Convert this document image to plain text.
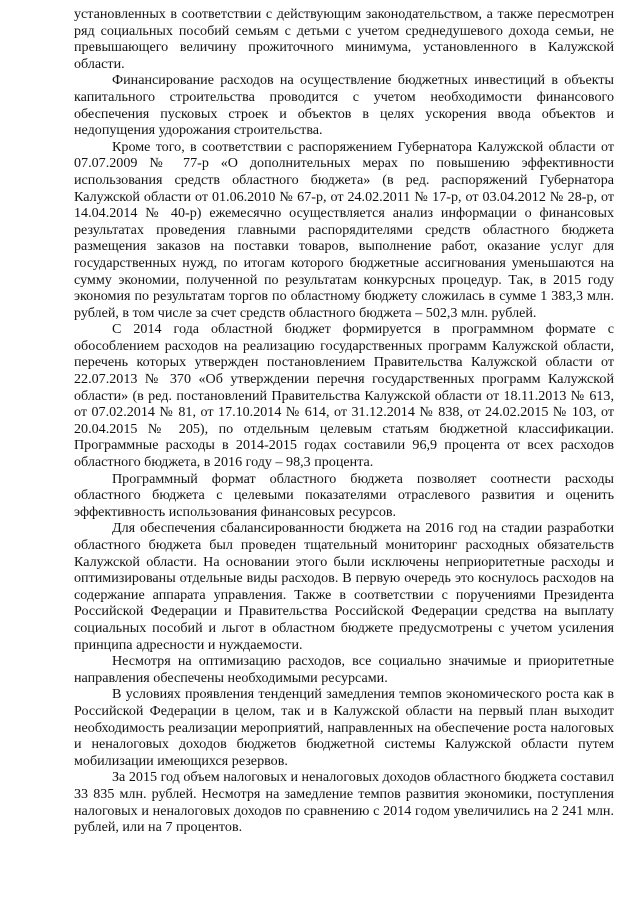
установленных в соответствии с действующим законодательством, а также пересмотрен ряд социальных пособий семьям с детьми с учетом среднедушевого дохода семьи, не превышающего величину прожиточного минимума, установленного в Калужской области.

Финансирование расходов на осуществление бюджетных инвестиций в объекты капитального строительства проводится с учетом необходимости финансового обеспечения пусковых строек и объектов в целях ускорения ввода объектов и недопущения удорожания строительства.

Кроме того, в соответствии с распоряжением Губернатора Калужской области от 07.07.2009 № 77-р «О дополнительных мерах по повышению эффективности использования средств областного бюджета» (в ред. распоряжений Губернатора Калужской области от 01.06.2010 № 67-р, от 24.02.2011 № 17-р, от 03.04.2012 № 28-р, от 14.04.2014 № 40-р) ежемесячно осуществляется анализ информации о финансовых результатах проведения главными распорядителями средств областного бюджета размещения заказов на поставки товаров, выполнение работ, оказание услуг для государственных нужд, по итогам которого бюджетные ассигнования уменьшаются на сумму экономии, полученной по результатам конкурсных процедур. Так, в 2015 году экономия по результатам торгов по областному бюджету сложилась в сумме 1 383,3 млн. рублей, в том числе за счет средств областного бюджета – 502,3 млн. рублей.

С 2014 года областной бюджет формируется в программном формате с обособлением расходов на реализацию государственных программ Калужской области, перечень которых утвержден постановлением Правительства Калужской области от 22.07.2013 № 370 «Об утверждении перечня государственных программ Калужской области» (в ред. постановлений Правительства Калужской области от 18.11.2013 № 613, от 07.02.2014 № 81, от 17.10.2014 № 614, от 31.12.2014 № 838, от 24.02.2015 № 103, от 20.04.2015 № 205), по отдельным целевым статьям бюджетной классификации. Программные расходы в 2014-2015 годах составили 96,9 процента от всех расходов областного бюджета, в 2016 году – 98,3 процента.

Программный формат областного бюджета позволяет соотнести расходы областного бюджета с целевыми показателями отраслевого развития и оценить эффективность использования финансовых ресурсов.

Для обеспечения сбалансированности бюджета на 2016 год на стадии разработки областного бюджета был проведен тщательный мониторинг расходных обязательств Калужской области. На основании этого были исключены неприоритетные расходы и оптимизированы отдельные виды расходов. В первую очередь это коснулось расходов на содержание аппарата управления. Также в соответствии с поручениями Президента Российской Федерации и Правительства Российской Федерации средства на выплату социальных пособий и льгот в областном бюджете предусмотрены с учетом усиления принципа адресности и нуждаемости.

Несмотря на оптимизацию расходов, все социально значимые и приоритетные направления обеспечены необходимыми ресурсами.

В условиях проявления тенденций замедления темпов экономического роста как в Российской Федерации в целом, так и в Калужской области на первый план выходит необходимость реализации мероприятий, направленных на обеспечение роста налоговых и неналоговых доходов бюджетов бюджетной системы Калужской области путем мобилизации имеющихся резервов.

За 2015 год объем налоговых и неналоговых доходов областного бюджета составил 33 835 млн. рублей. Несмотря на замедление темпов развития экономики, поступления налоговых и неналоговых доходов по сравнению с 2014 годом увеличились на 2 241 млн. рублей, или на 7 процентов.
